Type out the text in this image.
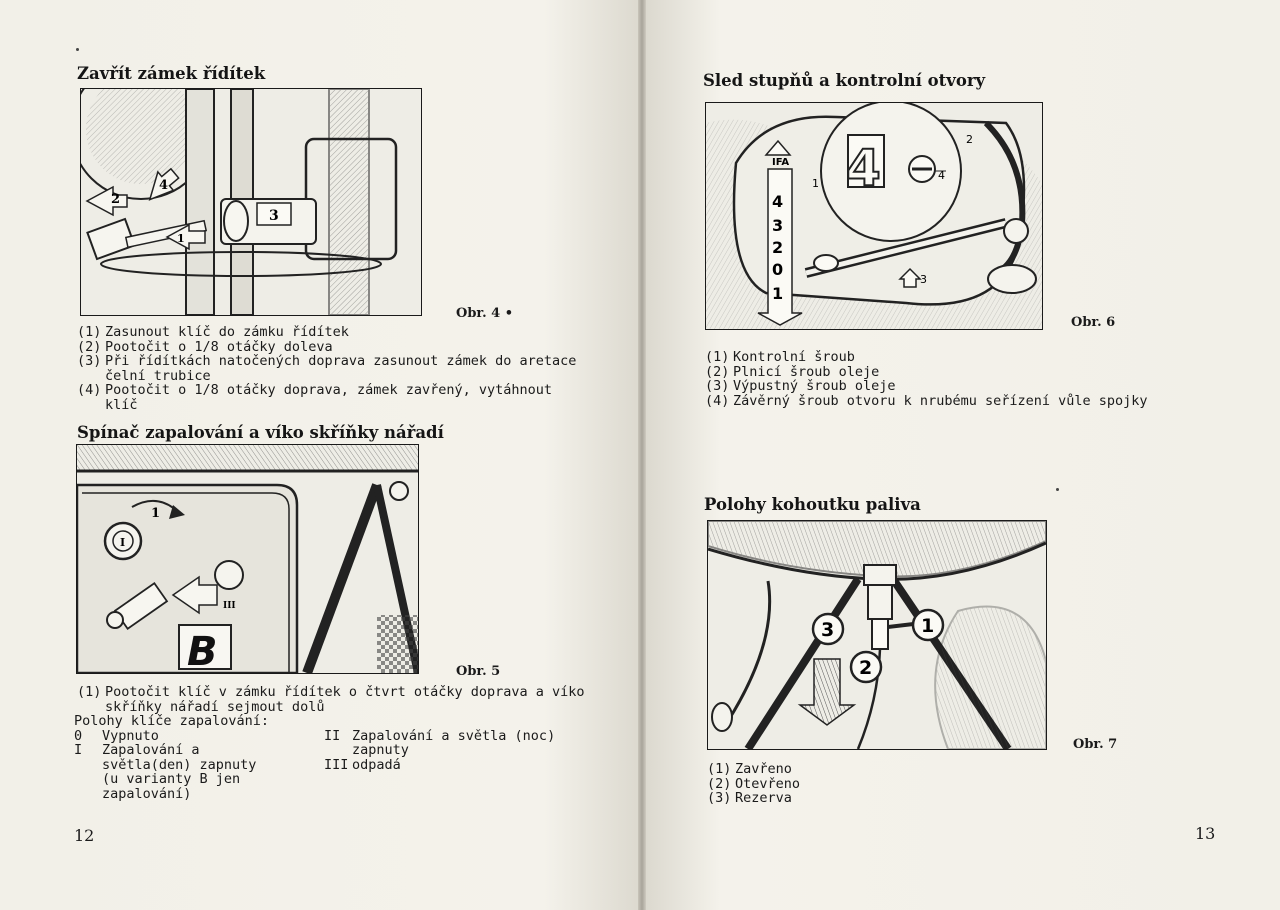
Zavřít zámek řídítek
2
4
1
3
Obr. 4 •
(1) Zasunout klíč do zámku řídítek
(2) Pootočit o 1/8 otáčky doleva
(3) Při řídítkách natočených doprava zasunout zámek do aretace čelní trubice
(4) Pootočit o 1/8 otáčky doprava, zámek zavřený, vytáhnout klíč
Spínač zapalování a víko skříňky nářadí
1
I
III
B	Obr. 5
(1) Pootočit klíč v zámku řídítek o čtvrt otáčky doprava a víko skříňky nářadí sejmout dolů
Polohy klíče zapalování:
0	Vypnuto
I	Zapalování a světla(den) zapnuty (u varianty B jen zapalování)
II Zapalování a světla (noc) zapnuty
III odpadá
12
Sled stupňů a kontrolní otvory
IFA
4
3
2
0
1
1
2
4
3
4
Obr. 6
(1) Kontrolní šroub
(2) Plnicí šroub oleje
(3) Výpustný šroub oleje
(4) Závěrný šroub otvoru k nrubému seřízení vůle spojky
Polohy kohoutku paliva
3	1
2
Obr. 7
(1) Zavřeno
(2) Otevřeno
(3) Rezerva
13
